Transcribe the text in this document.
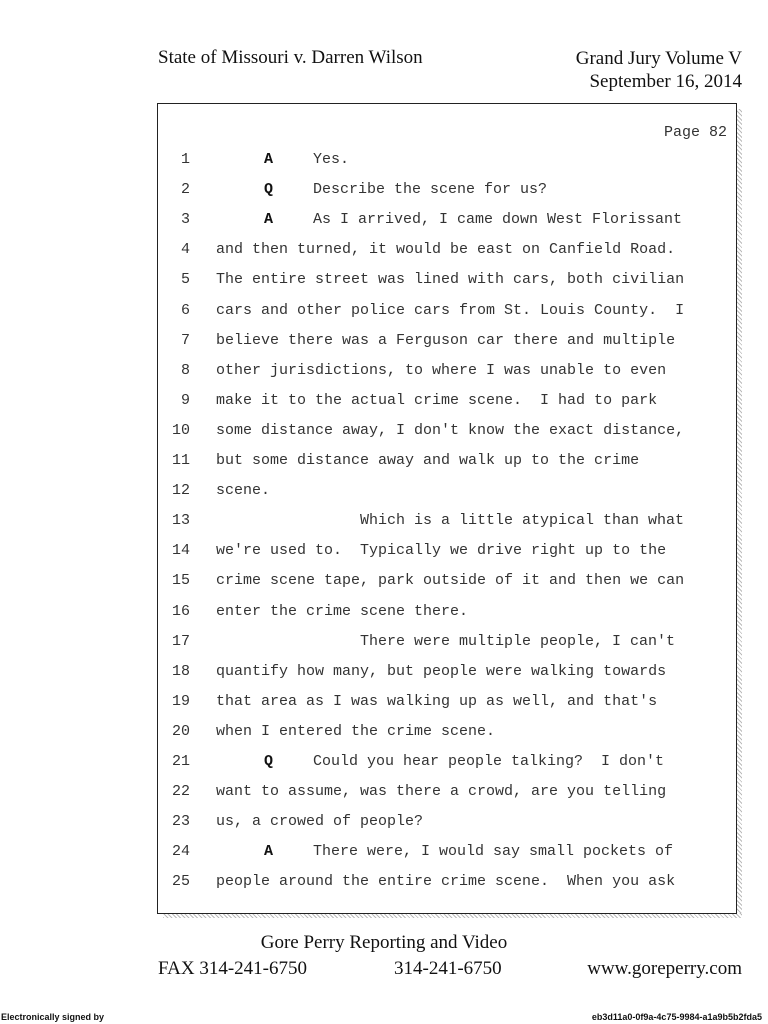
State of Missouri v. Darren Wilson	Grand Jury Volume V
September 16, 2014
Page 82
1	A	Yes.
2	Q	Describe the scene for us?
3	A	As I arrived, I came down West Florissant
4 and then turned, it would be east on Canfield Road.
5 The entire street was lined with cars, both civilian
6 cars and other police cars from St. Louis County.  I
7 believe there was a Ferguson car there and multiple
8 other jurisdictions, to where I was unable to even
9 make it to the actual crime scene.  I had to park
10 some distance away, I don't know the exact distance,
11 but some distance away and walk up to the crime
12 scene.
13	Which is a little atypical than what
14 we're used to.  Typically we drive right up to the
15 crime scene tape, park outside of it and then we can
16 enter the crime scene there.
17	There were multiple people, I can't
18 quantify how many, but people were walking towards
19 that area as I was walking up as well, and that's
20 when I entered the crime scene.
21	Q	Could you hear people talking?  I don't
22 want to assume, was there a crowd, are you telling
23 us, a crowed of people?
24	A	There were, I would say small pockets of
25 people around the entire crime scene.  When you ask
Gore Perry Reporting and Video
FAX 314-241-6750	314-241-6750	www.goreperry.com
Electronically signed by	eb3d11a0-0f9a-4c75-9984-a1a9b5b2fda5
